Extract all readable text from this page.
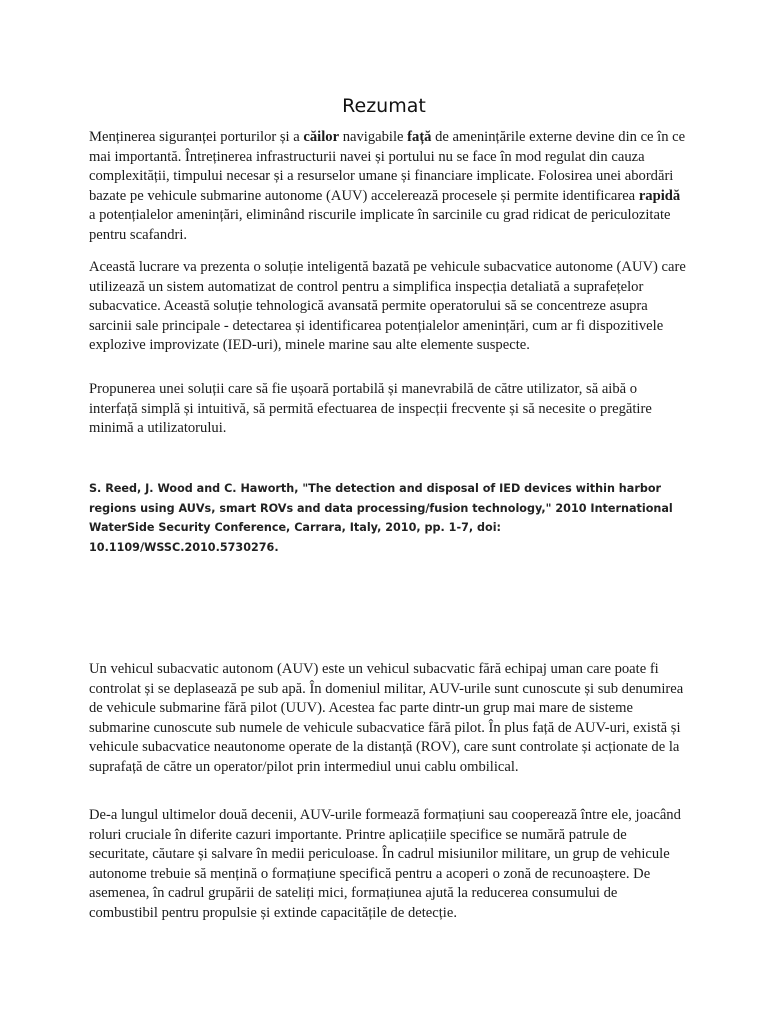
Rezumat

Menținerea siguranței porturilor și a căilor navigabile față de amenințările externe devine din ce în ce mai importantă. Întreținerea infrastructurii navei și portului nu se face în mod regulat din cauza complexității, timpului necesar și a resurselor umane și financiare implicate. Folosirea unei abordări bazate pe vehicule submarine autonome (AUV) accelerează procesele și permite identificarea rapidă a potențialelor amenințări, eliminând riscurile implicate în sarcinile cu grad ridicat de periculozitate pentru scafandri.

Această lucrare va prezenta o soluție inteligentă bazată pe vehicule subacvatice autonome (AUV) care utilizează un sistem automatizat de control pentru a simplifica inspecția detaliată a suprafețelor subacvatice. Această soluție tehnologică avansată permite operatorului să se concentreze asupra sarcinii sale principale - detectarea și identificarea potențialelor amenințări, cum ar fi dispozitivele explozive improvizate (IED-uri), minele marine sau alte elemente suspecte.

Propunerea unei soluții care să fie ușoară portabilă și manevrabilă de către utilizator, să aibă o interfață simplă și intuitivă, să permită efectuarea de inspecții frecvente și să necesite o pregătire minimă a utilizatorului.

S. Reed, J. Wood and C. Haworth, "The detection and disposal of IED devices within harbor regions using AUVs, smart ROVs and data processing/fusion technology," 2010 International WaterSide Security Conference, Carrara, Italy, 2010, pp. 1-7, doi: 10.1109/WSSC.2010.5730276.

Un vehicul subacvatic autonom (AUV) este un vehicul subacvatic fără echipaj uman care poate fi controlat și se deplasează pe sub apă. În domeniul militar, AUV-urile sunt cunoscute și sub denumirea de vehicule submarine fără pilot (UUV). Acestea fac parte dintr-un grup mai mare de sisteme submarine cunoscute sub numele de vehicule subacvatice fără pilot. În plus față de AUV-uri, există și vehicule subacvatice neautonome operate de la distanță (ROV), care sunt controlate și acționate de la suprafață de către un operator/pilot prin intermediul unui cablu ombilical.

De-a lungul ultimelor două decenii, AUV-urile formează formațiuni sau cooperează între ele, joacând roluri cruciale în diferite cazuri importante. Printre aplicațiile specifice se numără patrule de securitate, căutare și salvare în medii periculoase. În cadrul misiunilor militare, un grup de vehicule autonome trebuie să mențină o formațiune specifică pentru a acoperi o zonă de recunoaștere. De asemenea, în cadrul grupării de sateliți mici, formațiunea ajută la reducerea consumului de combustibil pentru propulsie și extinde capacitățile de detecție.
